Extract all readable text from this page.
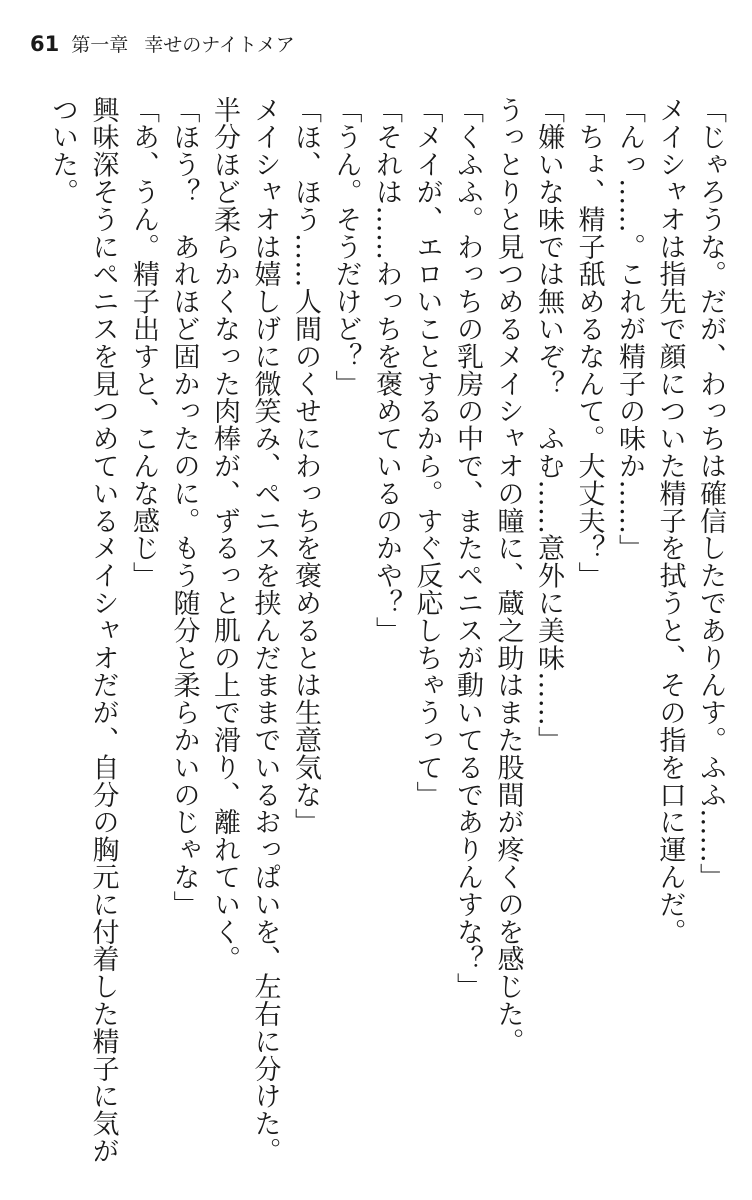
61 第一章 幸せのナイトメア

「じゃろうな。だが、わっちは確信したでありんす。ふふ……」

メイシャオは指先で顔についた精子を拭うと、その指を口に運んだ。

「んっ……。これが精子の味か……」

「ちょ、精子舐めるなんて。大丈夫？」

「嫌いな味では無いぞ？　ふむ……意外に美味……」

うっとりと見つめるメイシャオの瞳に、蔵之助はまた股間が疼くのを感じた。

「くふふ。わっちの乳房の中で、またペニスが動いてるでありんすな？」

「メイが、エロいことするから。すぐ反応しちゃうって」

「それは……わっちを褒めているのかや？」

「うん。そうだけど？」

「ほ、ほう……人間のくせにわっちを褒めるとは生意気な」

メイシャオは嬉しげに微笑み、ペニスを挟んだままでいるおっぱいを、左右に分けた。

半分ほど柔らかくなった肉棒が、ずるっと肌の上で滑り、離れていく。

「ほう？　あれほど固かったのに。もう随分と柔らかいのじゃな」

「あ、うん。精子出すと、こんな感じ」

興味深そうにペニスを見つめているメイシャオだが、自分の胸元に付着した精子に気がついた。
